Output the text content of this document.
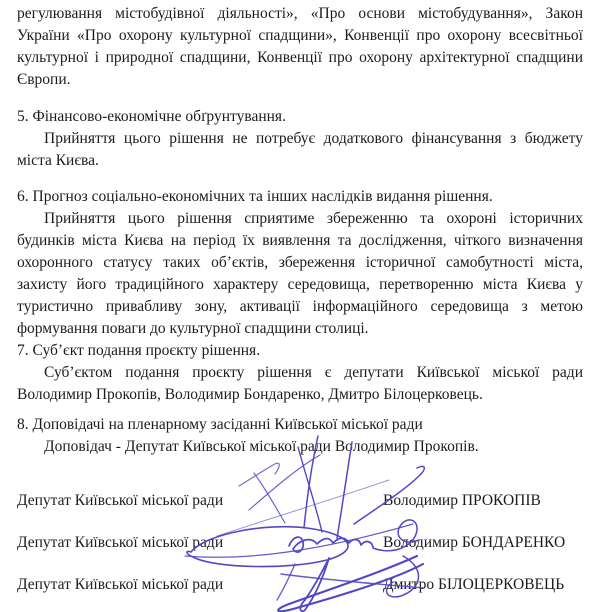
регулювання містобудівної діяльності», «Про основи містобудування», Закон України «Про охорону культурної спадщини», Конвенції про охорону всесвітньої культурної і природної спадщини, Конвенції про охорону архітектурної спадщини Європи.
5. Фінансово-економічне обґрунтування.
Прийняття цього рішення не потребує додаткового фінансування з бюджету міста Києва.
6. Прогноз соціально-економічних та інших наслідків видання рішення.
Прийняття цього рішення сприятиме збереженню та охороні історичних будинків міста Києва на період їх виявлення та дослідження, чіткого визначення охоронного статусу таких об’єктів, збереження історичної самобутності міста, захисту його традиційного характеру середовища, перетворенню міста Києва у туристично привабливу зону, активації інформаційного середовища з метою формування поваги до культурної спадщини столиці.
7. Суб’єкт подання проєкту рішення.
Суб’єктом подання проєкту рішення є депутати Київської міської ради Володимир Прокопів, Володимир Бондаренко, Дмитро Білоцерковець.
8. Доповідачі на пленарному засіданні Київської міської ради
Доповідач - Депутат Київської міської ради Володимир Прокопів.
Депутат Київської міської ради	Володимир ПРОКОПІВ
Депутат Київської міської ради	Володимир БОНДАРЕНКО
Депутат Київської міської ради	Дмитро БІЛОЦЕРКОВЕЦЬ
